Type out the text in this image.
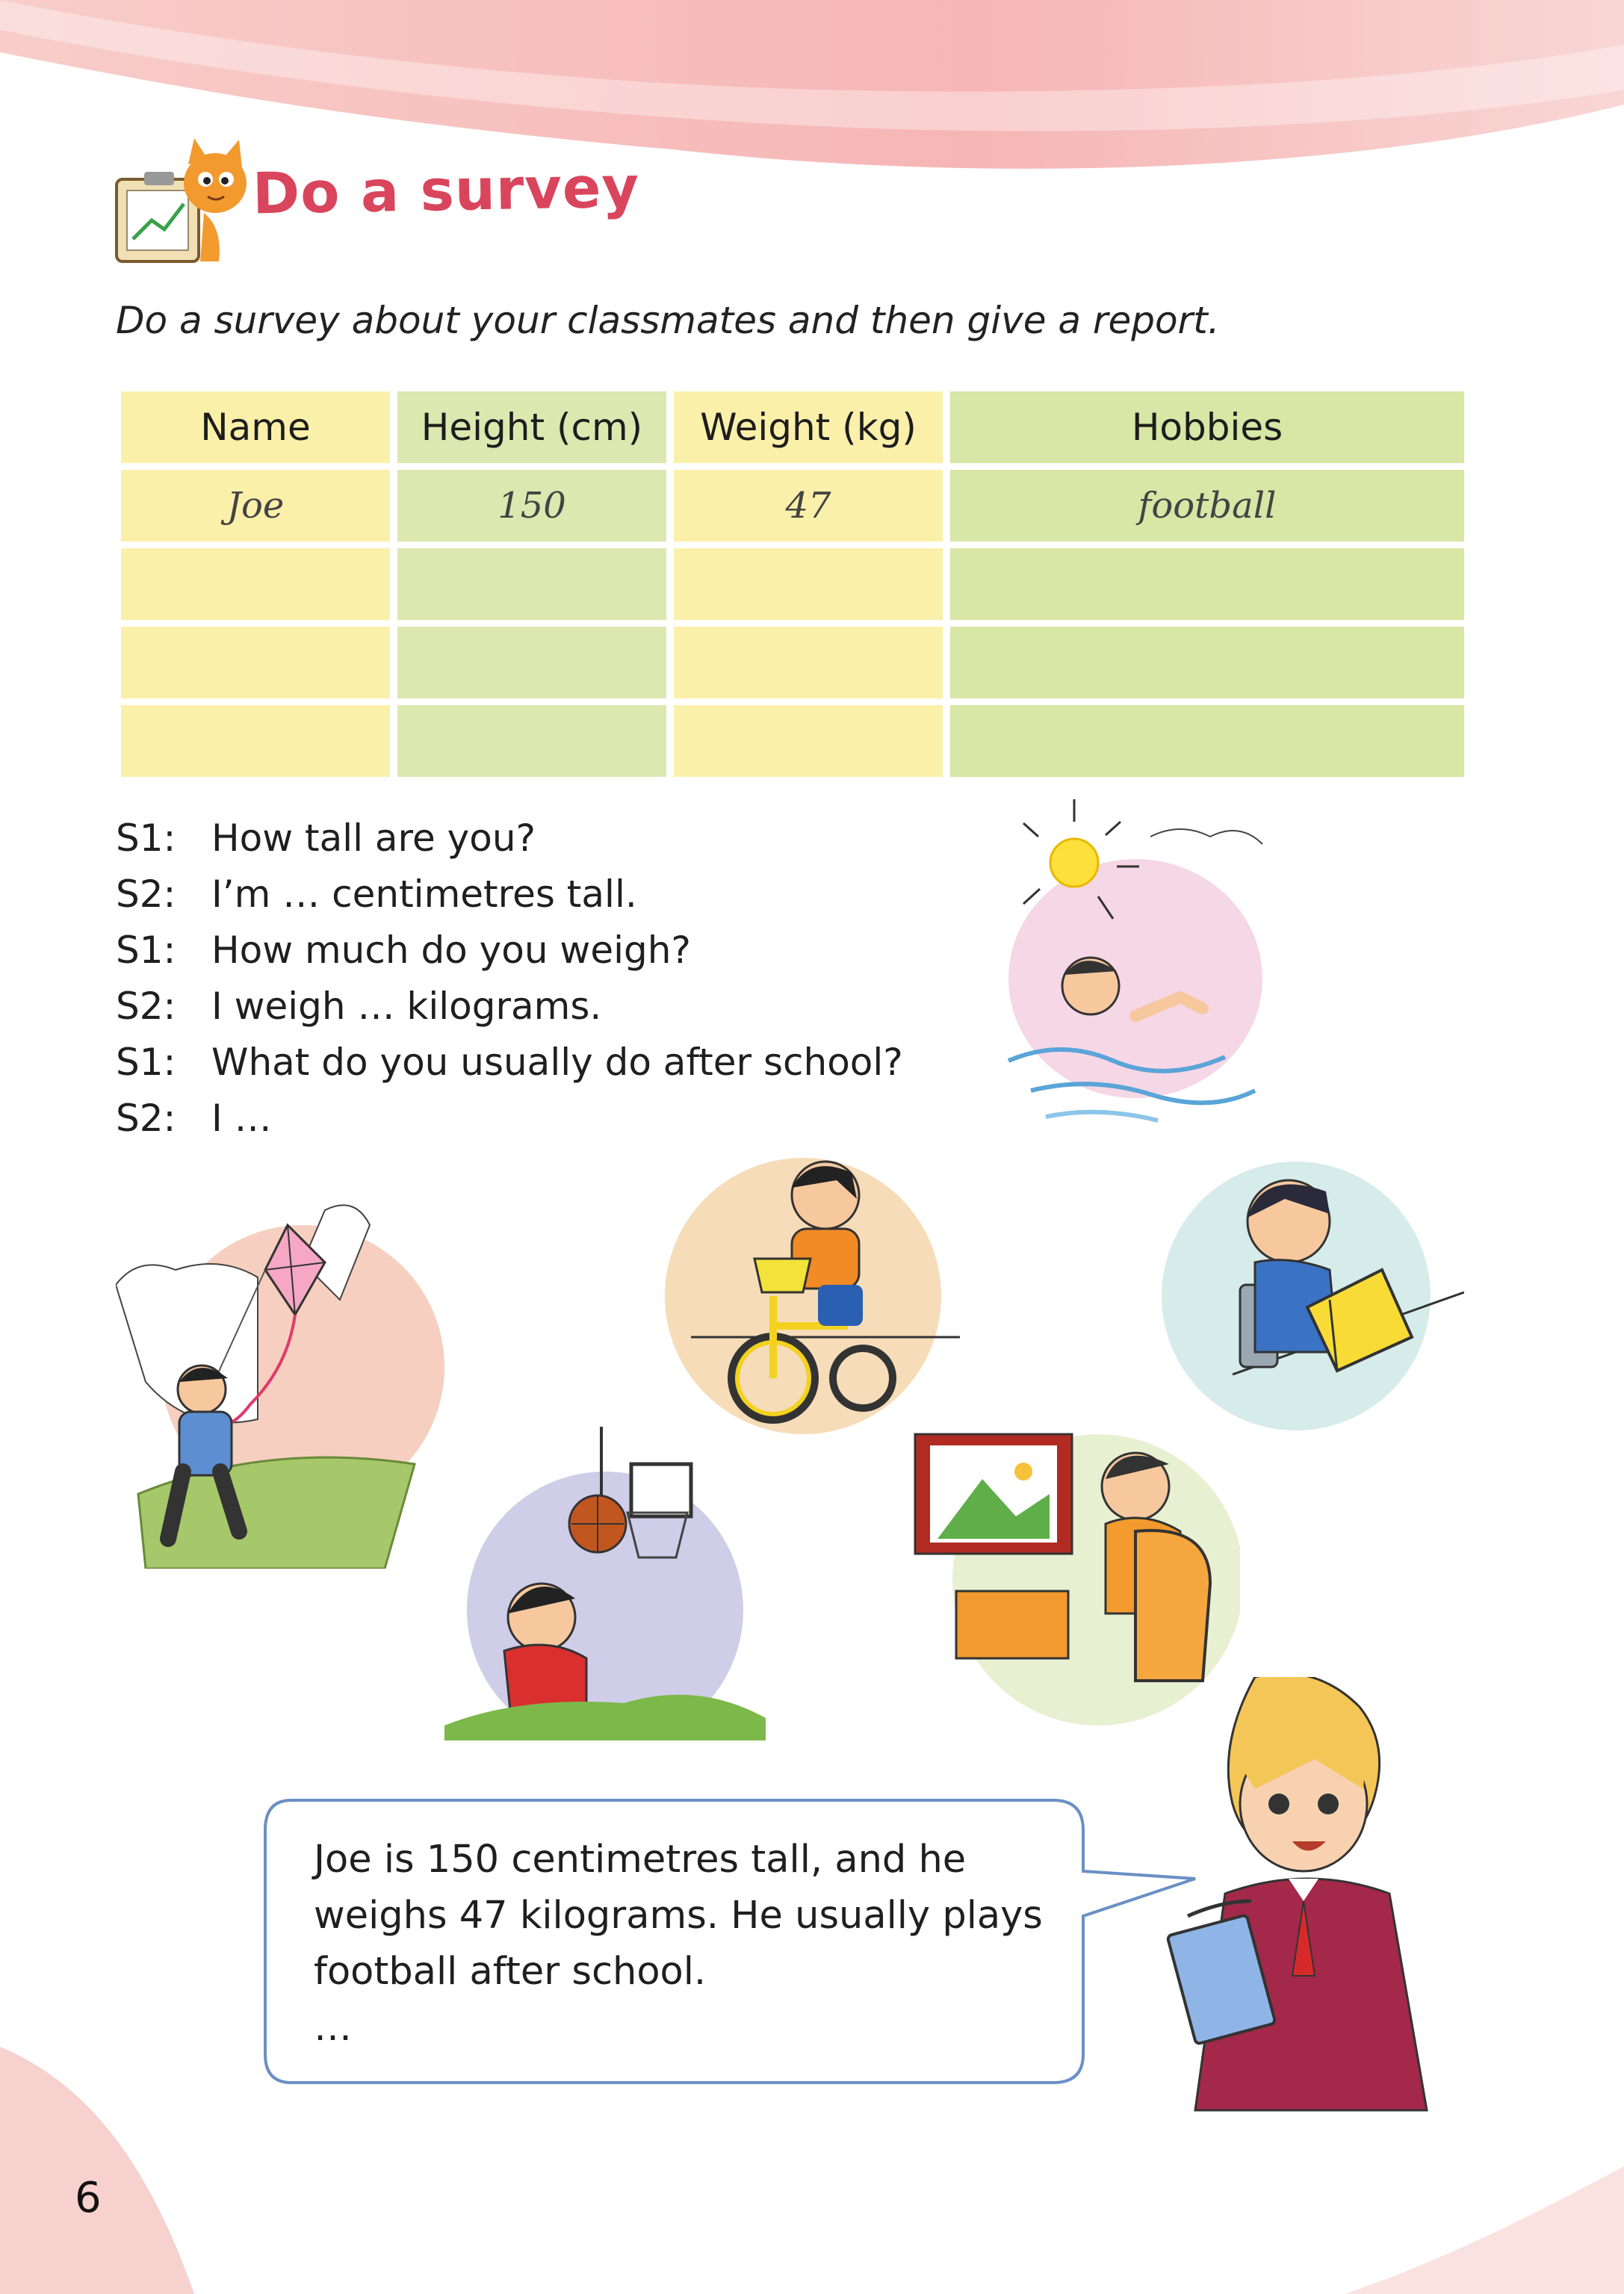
Do a survey
Do a survey about your classmates and then give a report.
Name	Height (cm)	Weight (kg)	Hobbies
Joe	150	47	football

S1: How tall are you?
S2: I’m … centimetres tall.
S1: How much do you weigh?
S2: I weigh … kilograms.
S1: What do you usually do after school?
S2: I …
Joe is 150 centimetres tall, and he
weighs 47 kilograms. He usually plays
football after school.
…
6
